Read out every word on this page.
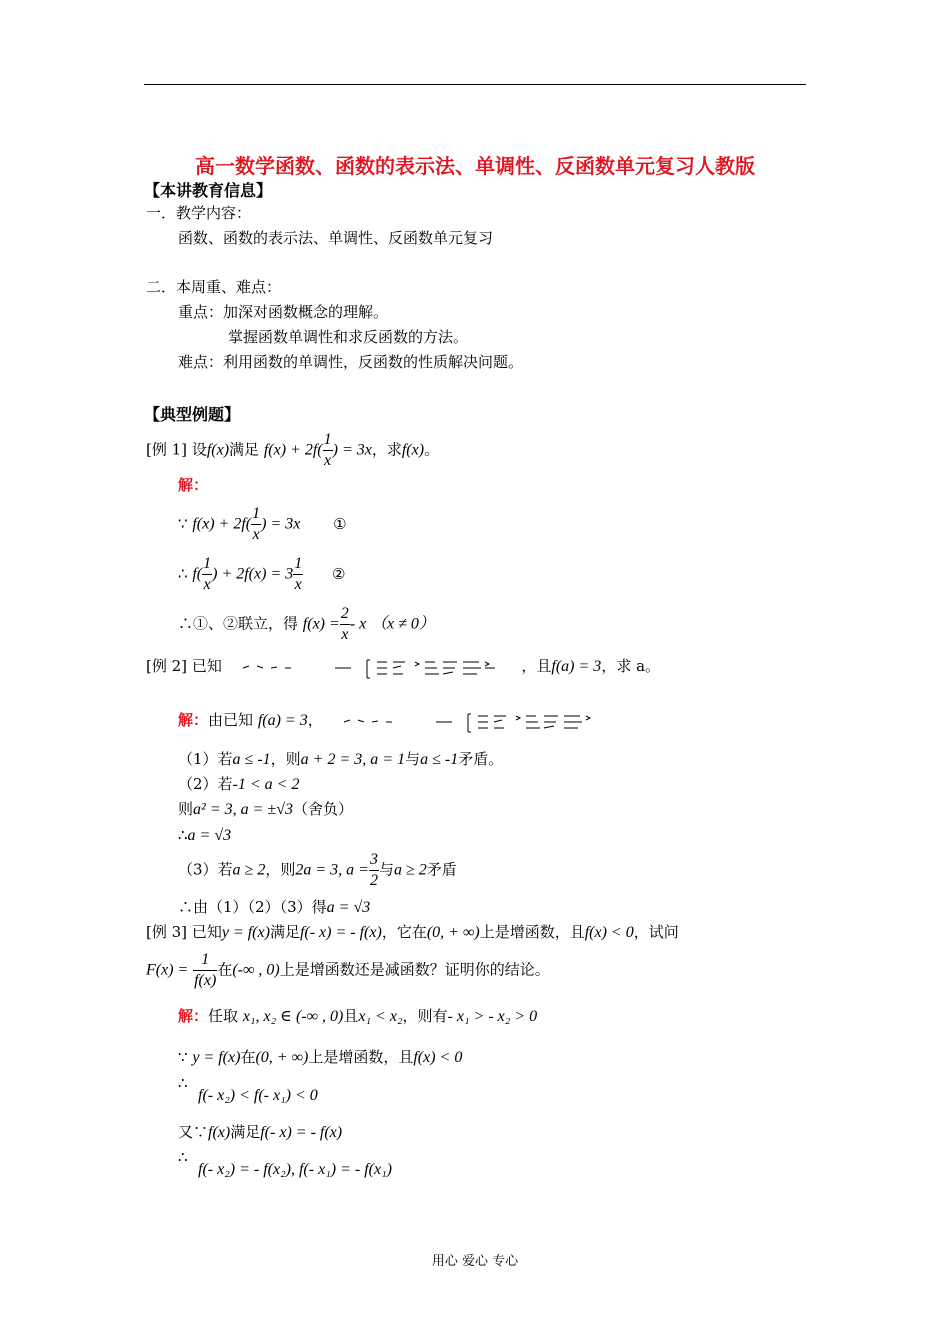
高一数学函数、函数的表示法、单调性、反函数单元复习人教版
【本讲教育信息】
一．教学内容：
函数、函数的表示法、单调性、反函数单元复习
二．本周重、难点：
重点：加深对函数概念的理解。
掌握函数单调性和求反函数的方法。
难点：利用函数的单调性，反函数的性质解决问题。
【典型例题】
[例 1] 设f(x)满足 $f(x) + 2f( \frac{1}{x}$ ) = 3x，求f(x)。
解：
∵ $f(x) + 2f( \frac{1}{x}$ ) = 3x ①
∴ $f( \frac{1}{x}$ ) + $2f(x) = 3 \frac{1}{x}$ ②
∴①、②联立，得 $f(x) = \frac{2}{x} - x$ （x ≠ 0）
[例 2] 已知	，且f(a) = 3，求 a。
解：由已知 f(a) = 3，
（1）若a ≤ -1，则a + 2 = 3, a = 1与a ≤ -1矛盾。
（2）若-1 < a < 2
则a² = 3, a = ±√3（舍负）
∴a = √3
（3）若a ≥ 2，则2a = 3, $a = \frac{3}{2}$ 与a ≥ 2矛盾
∴由（1）（2）（3）得a = √3
[例 3] 已知y = f(x)满足f(- x) = - f(x)，它在(0, + ∞)上是增函数，且f(x) < 0，试问
$F(x) = \frac{1}{f(x)}$ 在(-∞ , 0)上是增函数还是减函数？证明你的结论。
解：任取 x₁, x₂ ∈ (-∞ , 0)且x₁ < x₂，则有- x₁ > - x₂ > 0
∵ y = f(x)在(0, + ∞)上是增函数，且f(x) < 0
∴
f(- x₂) < f(- x₁) < 0
又∵f(x)满足f(- x) = - f(x)
∴
f(- x₂) = - f(x₂), f(- x₁) = - f(x₁)
用心 爱心 专心
